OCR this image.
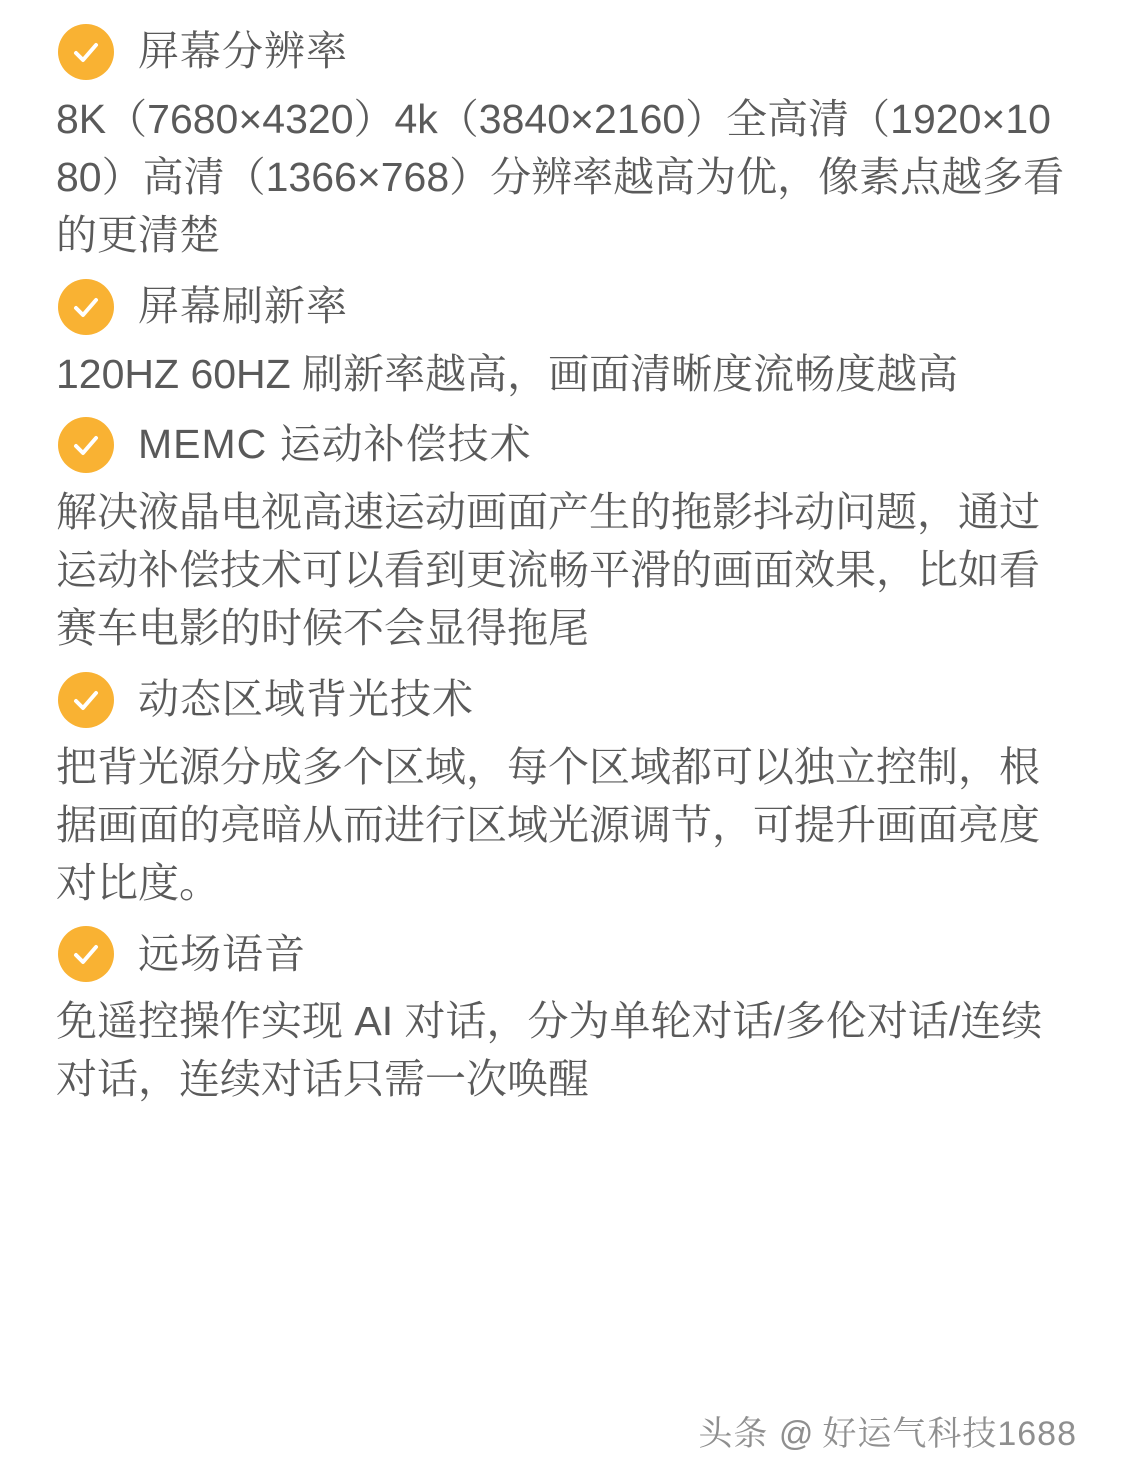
屏幕分辨率

8K（7680×4320）4k（3840×2160）全高清（1920×1080）高清（1366×768）分辨率越高为优，像素点越多看的更清楚

屏幕刷新率

120HZ 60HZ 刷新率越高，画面清晰度流畅度越高

MEMC 运动补偿技术

解决液晶电视高速运动画面产生的拖影抖动问题，通过运动补偿技术可以看到更流畅平滑的画面效果，比如看赛车电影的时候不会显得拖尾

动态区域背光技术

把背光源分成多个区域，每个区域都可以独立控制，根据画面的亮暗从而进行区域光源调节，可提升画面亮度对比度。

远场语音

免遥控操作实现 AI 对话，分为单轮对话/多伦对话/连续对话，连续对话只需一次唤醒

头条 @ 好运气科技1688
